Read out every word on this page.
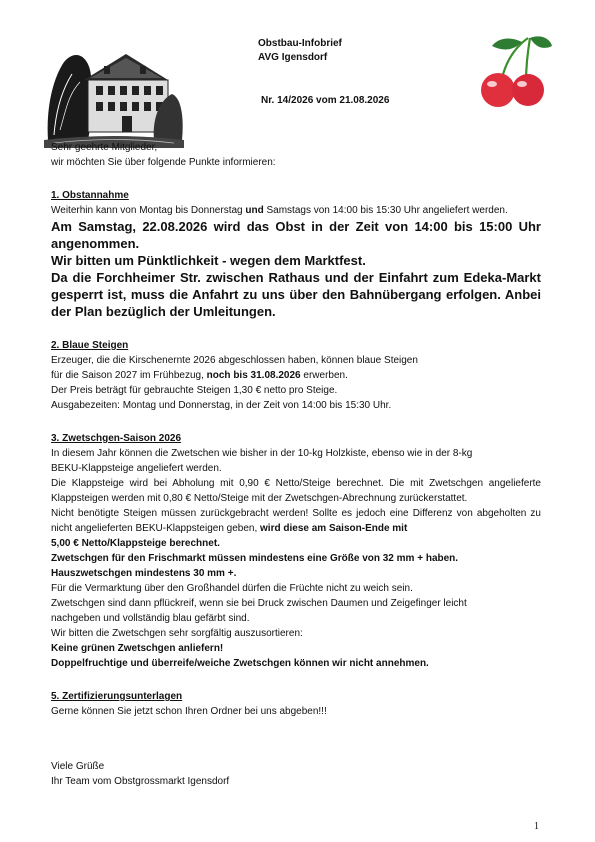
Obstbau-Infobrief
AVG Igensdorf
Nr. 14/2026 vom 21.08.2026

Sehr geehrte Mitglieder,

wir möchten Sie über folgende Punkte informieren:

1. Obstannahme

Weiterhin kann von Montag bis Donnerstag und Samstags von 14:00 bis 15:30 Uhr angeliefert werden.

Am Samstag, 22.08.2026 wird das Obst in der Zeit von 14:00 bis 15:00 Uhr angenommen.

Wir bitten um Pünktlichkeit - wegen dem Marktfest.

Da die Forchheimer Str. zwischen Rathaus und der Einfahrt zum Edeka-Markt gesperrt ist, muss die Anfahrt zu uns über den Bahnübergang erfolgen. Anbei der Plan bezüglich der Umleitungen.

2. Blaue Steigen

Erzeuger, die die Kirschenernte 2026 abgeschlossen haben, können blaue Steigen

für die Saison 2027 im Frühbezug, noch bis 31.08.2026 erwerben.

Der Preis beträgt für gebrauchte Steigen 1,30 € netto pro Steige.

Ausgabezeiten: Montag und Donnerstag, in der Zeit von 14:00 bis 15:30 Uhr.

3. Zwetschgen-Saison 2026

In diesem Jahr können die Zwetschen wie bisher in der 10-kg Holzkiste, ebenso wie in der 8-kg

BEKU-Klappsteige angeliefert werden.

Die Klappsteige wird bei Abholung mit 0,90 € Netto/Steige berechnet. Die mit Zwetschgen angelieferte Klappsteigen werden mit 0,80 € Netto/Steige mit der Zwetschgen-Abrechnung zurückerstattet.

Nicht benötigte Steigen müssen zurückgebracht werden! Sollte es jedoch eine Differenz von abgeholten zu nicht angelieferten BEKU-Klappsteigen geben, wird diese am Saison-Ende mit

5,00 € Netto/Klappsteige berechnet.

Zwetschgen für den Frischmarkt müssen mindestens eine Größe von 32 mm + haben.

Hauszwetschgen mindestens 30 mm +.

Für die Vermarktung über den Großhandel dürfen die Früchte nicht zu weich sein.

Zwetschgen sind dann pflückreif, wenn sie bei Druck zwischen Daumen und Zeigefinger leicht

nachgeben und vollständig blau gefärbt sind.

Wir bitten die Zwetschgen sehr sorgfältig auszusortieren:

Keine grünen Zwetschgen anliefern!

Doppelfruchtige und überreife/weiche Zwetschgen können wir nicht annehmen.

5. Zertifizierungsunterlagen

Gerne können Sie jetzt schon Ihren Ordner bei uns abgeben!!!

Viele Grüße

Ihr Team vom Obstgrossmarkt Igensdorf

1
